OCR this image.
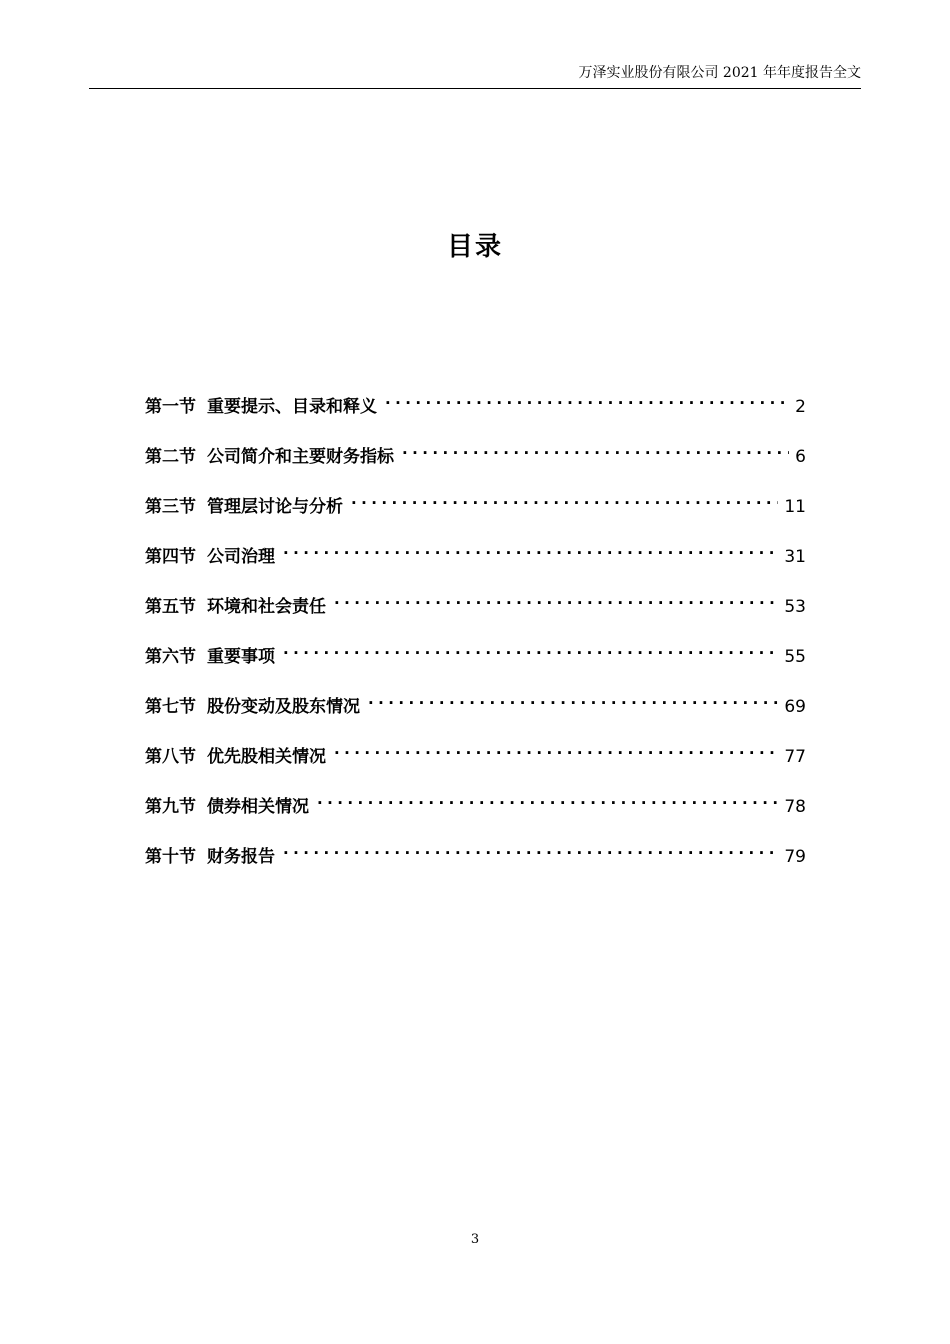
万泽实业股份有限公司 2021 年年度报告全文
目录
第一节 重要提示、目录和释义 . . .	2
第二节 公司简介和主要财务指标 . . .	6
第三节 管理层讨论与分析 . . .	11
第四节 公司治理 . . .	31
第五节 环境和社会责任 . . .	53
第六节 重要事项 . . .	55
第七节 股份变动及股东情况 . . .	69
第八节 优先股相关情况 . . .	77
第九节 债券相关情况 . . .	78
第十节 财务报告 . . .	79
3
